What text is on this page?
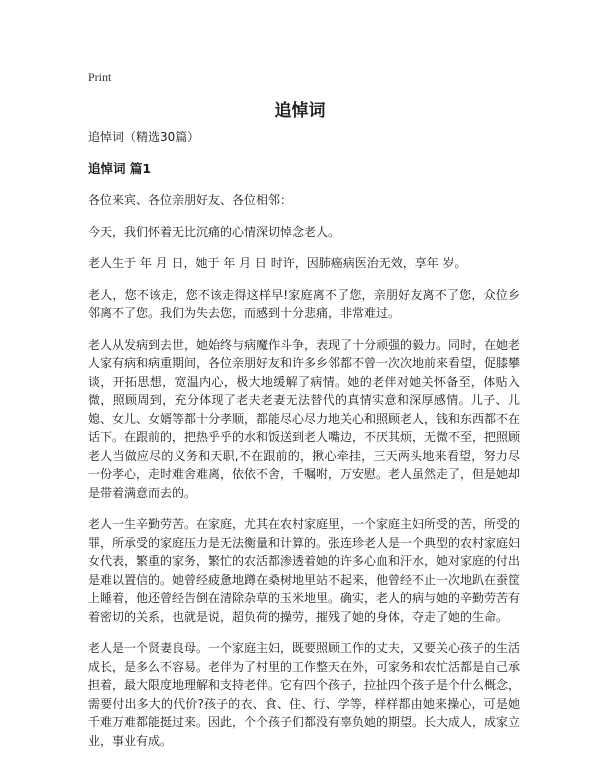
Print
追悼词

追悼词（精选30篇）

追悼词 篇1

各位来宾、各位亲朋好友、各位相邻：

今天，我们怀着无比沉痛的心情深切悼念老人。

老人生于 年 月 日，她于 年 月 日 时许，因肺癌病医治无效，享年 岁。

老人，您不该走，您不该走得这样早!家庭离不了您，亲朋好友离不了您，众位乡邻离不了您。我们为失去您，而感到十分悲痛，非常难过。

老人从发病到去世，她始终与病魔作斗争，表现了十分顽强的毅力。同时，在她老人家有病和病重期间，各位亲朋好友和许多乡邻都不曾一次次地前来看望，促膝攀谈，开拓思想，宽温内心，极大地缓解了病情。她的老伴对她关怀备至，体贴入微，照顾周到，充分体现了老夫老妻无法替代的真情实意和深厚感情。儿子、儿媳、女儿、女婿等都十分孝顺，都能尽心尽力地关心和照顾老人，钱和东西都不在话下。在跟前的，把热乎乎的水和饭送到老人嘴边，不厌其烦，无微不至，把照顾老人当做应尽的义务和天职,不在跟前的，揪心牵挂，三天两头地来看望，努力尽一份孝心，走时难舍难离，依依不舍，千嘱咐，万安慰。老人虽然走了，但是她却是带着满意而去的。

老人一生辛勤劳苦。在家庭，尤其在农村家庭里，一个家庭主妇所受的苦，所受的罪，所承受的家庭压力是无法衡量和计算的。张连珍老人是一个典型的农村家庭妇女代表，繁重的家务，繁忙的农活都渗透着她的许多心血和汗水，她对家庭的付出是难以置信的。她曾经疲惫地蹲在桑树地里站不起来，他曾经不止一次地趴在蚕筐上睡着，他还曾经告倒在清除杂草的玉米地里。确实，老人的病与她的辛勤劳苦有着密切的关系，也就是说，超负荷的操劳，摧残了她的身体，夺走了她的生命。

老人是一个贤妻良母。一个家庭主妇，既要照顾工作的丈夫，又要关心孩子的生活成长，是多么不容易。老伴为了村里的工作整天在外，可家务和农忙活都是自己承担着，最大限度地理解和支持老伴。它有四个孩子，拉扯四个孩子是个什么概念，需要付出多大的代价?孩子的衣、食、住、行、学等，样样都由她来操心，可是她千难万难都能挺过来。因此，个个孩子们都没有辜负她的期望。长大成人，成家立业，事业有成。
